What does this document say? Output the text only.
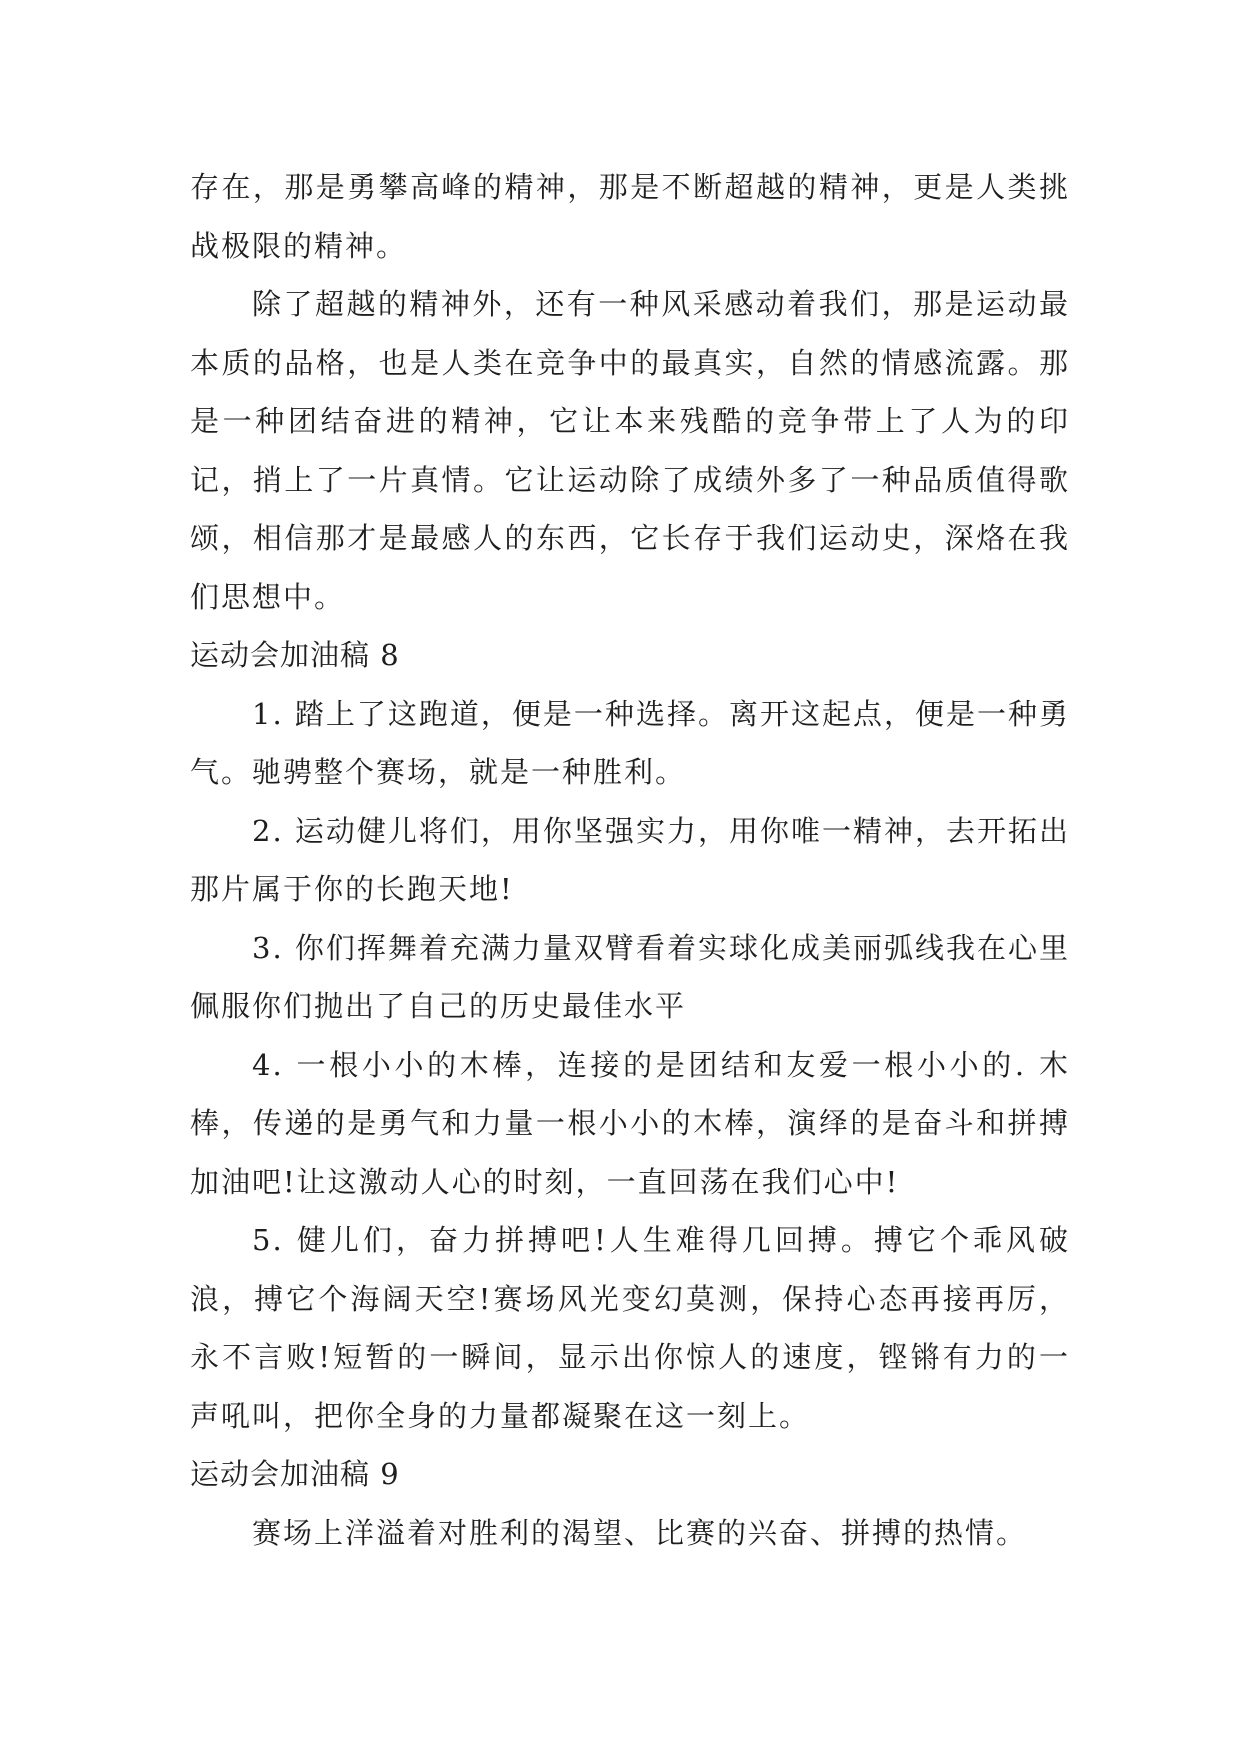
存在，那是勇攀高峰的精神，那是不断超越的精神，更是人类挑战极限的精神。

除了超越的精神外，还有一种风采感动着我们，那是运动最本质的品格，也是人类在竞争中的最真实，自然的情感流露。那是一种团结奋进的精神，它让本来残酷的竞争带上了人为的印记，捎上了一片真情。它让运动除了成绩外多了一种品质值得歌颂，相信那才是最感人的东西，它长存于我们运动史，深烙在我们思想中。

运动会加油稿 8

1. 踏上了这跑道，便是一种选择。离开这起点，便是一种勇气。驰骋整个赛场，就是一种胜利。

2. 运动健儿将们，用你坚强实力，用你唯一精神，去开拓出那片属于你的长跑天地!

3. 你们挥舞着充满力量双臂看着实球化成美丽弧线我在心里佩服你们抛出了自己的历史最佳水平

4. 一根小小的木棒，连接的是团结和友爱一根小小的. 木棒，传递的是勇气和力量一根小小的木棒，演绎的是奋斗和拼搏加油吧!让这激动人心的时刻，一直回荡在我们心中!

5. 健儿们，奋力拼搏吧!人生难得几回搏。搏它个乖风破浪，搏它个海阔天空!赛场风光变幻莫测，保持心态再接再厉，永不言败!短暂的一瞬间，显示出你惊人的速度，铿锵有力的一声吼叫，把你全身的力量都凝聚在这一刻上。

运动会加油稿 9

赛场上洋溢着对胜利的渴望、比赛的兴奋、拼搏的热情。
